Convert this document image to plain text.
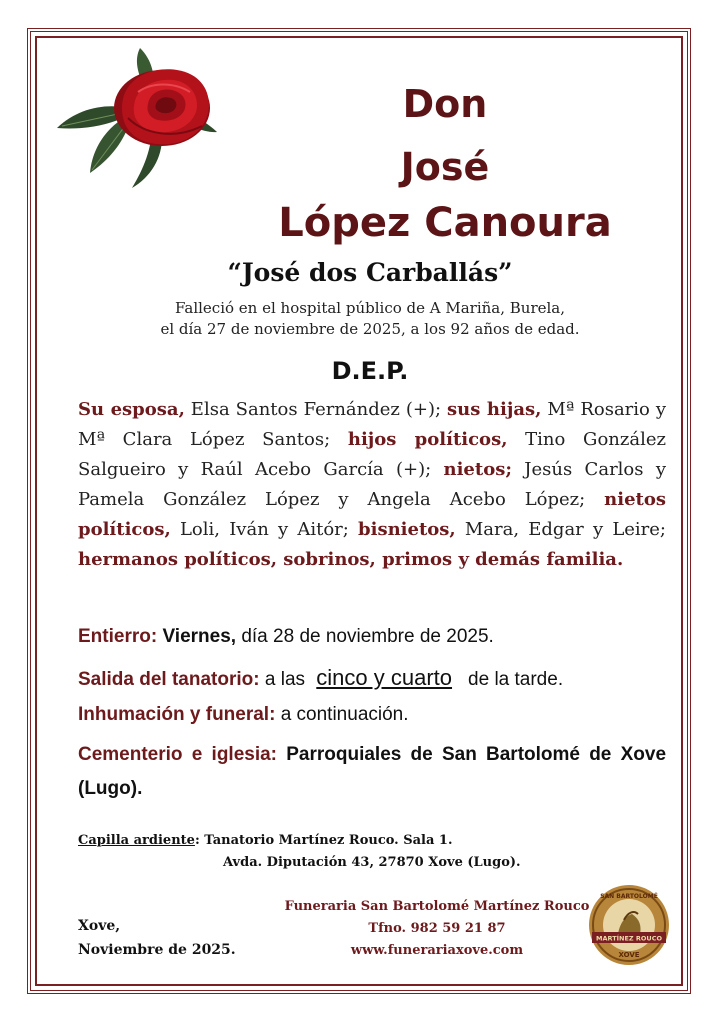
Don
José
López Canoura
“José dos Carballás”
Falleció en el hospital público de A Mariña, Burela,
el día 27 de noviembre de 2025, a los 92 años de edad.
D.E.P.
Su esposa, Elsa Santos Fernández (+); sus hijas, Mª Rosario y Mª Clara López Santos; hijos políticos, Tino González Salgueiro y Raúl Acebo García (+); nietos; Jesús Carlos y Pamela González López y Angela Acebo López; nietos políticos, Loli, Iván y Aitór; bisnietos, Mara, Edgar y Leire; hermanos políticos, sobrinos, primos y demás familia.
Entierro: Viernes, día 28 de noviembre de 2025.
Salida del tanatorio: a las cinco y cuarto de la tarde.
Inhumación y funeral: a continuación.
Cementerio e iglesia: Parroquiales de San Bartolomé de Xove (Lugo).
Capilla ardiente: Tanatorio Martínez Rouco. Sala 1.
Avda. Diputación 43, 27870 Xove (Lugo).
Xove,
Noviembre de 2025.
Funeraria San Bartolomé Martínez Rouco
Tfno. 982 59 21 87
www.funerariaxove.com
MARTÍNEZ ROUCO
SAN BARTOLOMÉ
XOVE
